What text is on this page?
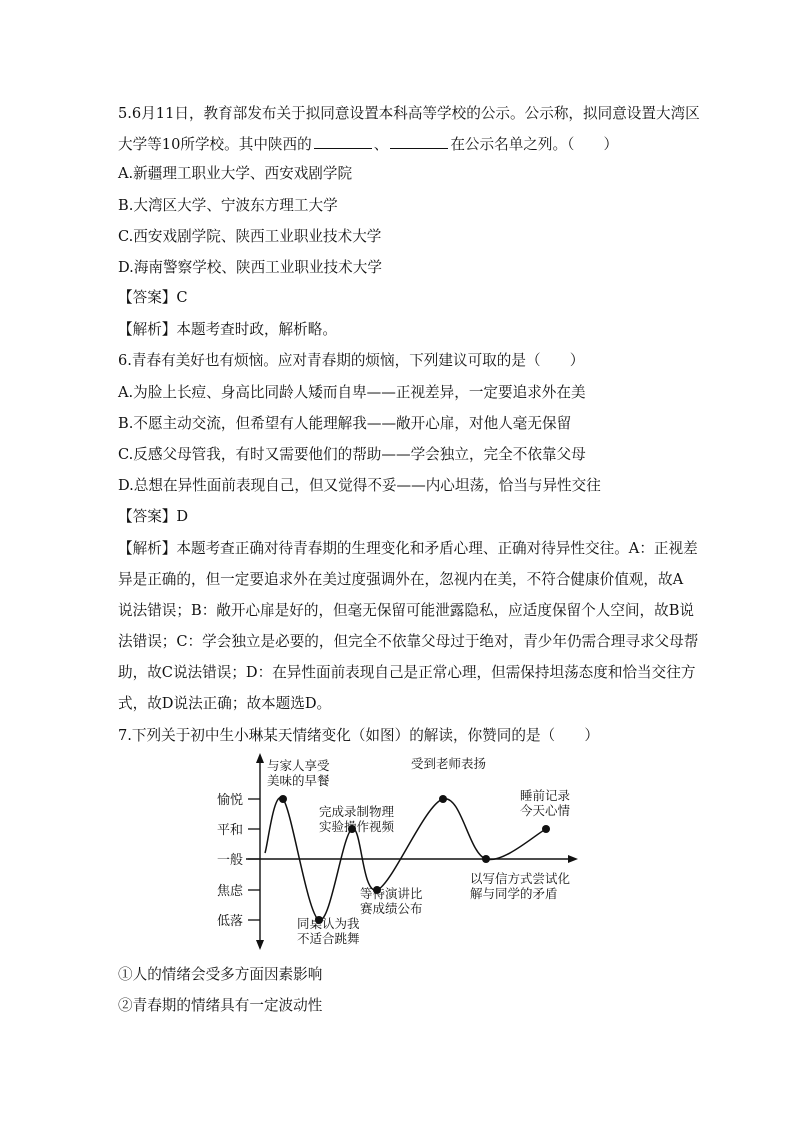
5.6月11日，教育部发布关于拟同意设置本科高等学校的公示。公示称，拟同意设置大湾区
大学等10所学校。其中陕西的	、	在公示名单之列。（　　）
A.新疆理工职业大学、西安戏剧学院
B.大湾区大学、宁波东方理工大学
C.西安戏剧学院、陕西工业职业技术大学
D.海南警察学校、陕西工业职业技术大学
【答案】C
【解析】本题考查时政，解析略。
6.青春有美好也有烦恼。应对青春期的烦恼，下列建议可取的是（　　）
A.为脸上长痘、身高比同龄人矮而自卑——正视差异，一定要追求外在美
B.不愿主动交流，但希望有人能理解我——敞开心扉，对他人毫无保留
C.反感父母管我，有时又需要他们的帮助——学会独立，完全不依靠父母
D.总想在异性面前表现自己，但又觉得不妥——内心坦荡，恰当与异性交往
【答案】D
【解析】本题考查正确对待青春期的生理变化和矛盾心理、正确对待异性交往。A：正视差
异是正确的，但一定要追求外在美过度强调外在，忽视内在美，不符合健康价值观，故A
说法错误；B：敞开心扉是好的，但毫无保留可能泄露隐私，应适度保留个人空间，故B说
法错误；C：学会独立是必要的，但完全不依靠父母过于绝对，青少年仍需合理寻求父母帮
助，故C说法错误；D：在异性面前表现自己是正常心理，但需保持坦荡态度和恰当交往方
式，故D说法正确；故本题选D。
7.下列关于初中生小琳某天情绪变化（如图）的解读，你赞同的是（　　）
愉悦
平和
一般
焦虑
低落
与家人享受
美味的早餐
同桌认为我
不适合跳舞
完成录制物理
实验操作视频
等待演讲比
赛成绩公布
受到老师表扬
以写信方式尝试化
解与同学的矛盾
睡前记录
今天心情
①人的情绪会受多方面因素影响
②青春期的情绪具有一定波动性
